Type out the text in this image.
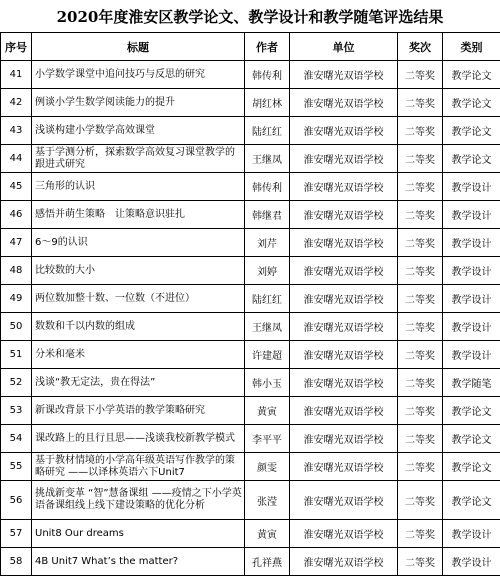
2020年度淮安区教学论文、教学设计和教学随笔评选结果
序号	标题	作者	单位	奖次	类别
41	小学数学课堂中追问技巧与反思的研究	韩传利	淮安曙光双语学校	二等奖	教学论文
42	例谈小学生数学阅读能力的提升	胡红林	淮安曙光双语学校	二等奖	教学论文
43	浅谈构建小学数学高效课堂	陆红红	淮安曙光双语学校	二等奖	教学论文
44	基于学测分析，探索数学高效复习课堂教学的跟进式研究	王继凤	淮安曙光双语学校	二等奖	教学论文
45	三角形的认识	韩传利	淮安曙光双语学校	二等奖	教学设计
46	感悟并萌生策略　让策略意识驻扎	韩继君	淮安曙光双语学校	二等奖	教学设计
47	6～9的认识	刘芹	淮安曙光双语学校	二等奖	教学设计
48	比较数的大小	刘婷	淮安曙光双语学校	二等奖	教学设计
49	两位数加整十数、一位数（不进位）	陆红红	淮安曙光双语学校	二等奖	教学设计
50	数数和千以内数的组成	王继凤	淮安曙光双语学校	二等奖	教学设计
51	分米和毫米	许建超	淮安曙光双语学校	二等奖	教学设计
52	浅谈“教无定法，贵在得法”	韩小玉	淮安曙光双语学校	二等奖	教学随笔
53	新课改背景下小学英语的教学策略研究	黄寅	淮安曙光双语学校	二等奖	教学论文
54	课改路上的且行且思——浅谈我校新教学模式	李平平	淮安曙光双语学校	二等奖	教学论文
55	基于教材情境的小学高年级英语写作教学的策略研究 ——以译林英语六下Unit7	颜雯	淮安曙光双语学校	二等奖	教学论文
56	挑战新变革 “智”慧备课组 ——疫情之下小学英语备课组线上线下建设策略的优化分析	张滢	淮安曙光双语学校	二等奖	教学论文
57	Unit8 Our dreams	黄寅	淮安曙光双语学校	二等奖	教学设计
58	4B Unit7 What’s the matter?	孔祥燕	淮安曙光双语学校	二等奖	教学设计
